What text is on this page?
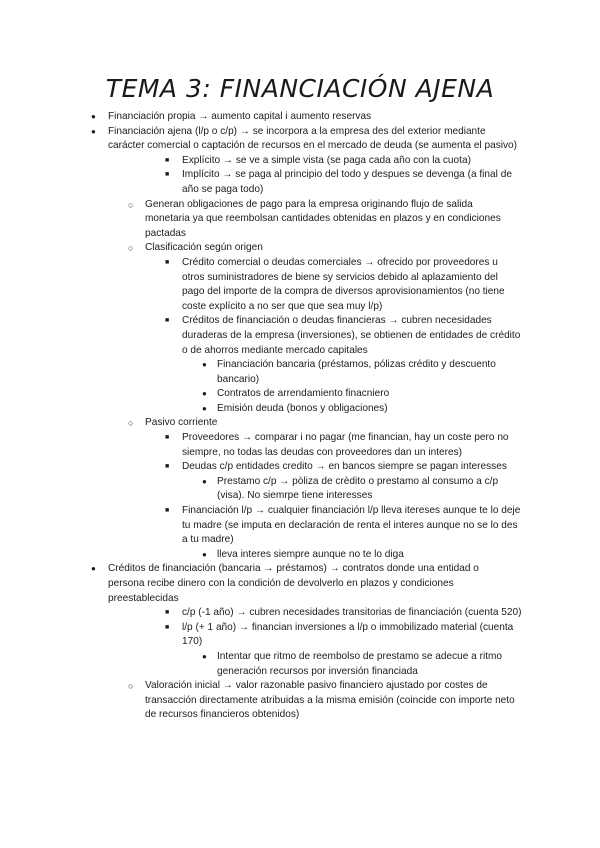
TEMA 3: FINANCIACIÓN AJENA
● Financiación propia → aumento capital i aumento reservas
● Financiación ajena (l/p o c/p) → se incorpora a la empresa des del exterior mediante carácter comercial o captación de recursos en el mercado de deuda (se aumenta el pasivo)
■ Explícito → se ve a simple vista (se paga cada año con la cuota)
■ Implícito → se paga al principio del todo y despues se devenga (a final de año se paga todo)
○ Generan obligaciones de pago para la empresa originando flujo de salida monetaria ya que reembolsan cantidades obtenidas en plazos y en condiciones pactadas
○ Clasificación según origen
■ Crédito comercial o deudas comerciales → ofrecido por proveedores u otros suministradores de biene sy servicios debido al aplazamiento del pago del importe de la compra de diversos aprovisionamientos (no tiene coste explícito a no ser que que sea muy l/p)
■ Créditos de financiación o deudas financieras → cubren necesidades duraderas de la empresa (inversiones), se obtienen de entidades de crédito o de ahorros mediante mercado capitales
● Financiación bancaria (préstamos, pólizas crédito y descuento bancario)
● Contratos de arrendamiento finacniero
● Emisión deuda (bonos y obligaciones)
○ Pasivo corriente
■ Proveedores → comparar i no pagar (me financian, hay un coste pero no siempre, no todas las deudas con proveedores dan un interes)
■ Deudas c/p entidades credito → en bancos siempre se pagan interesses
● Prestamo c/p → pòliza de crèdito o prestamo al consumo a c/p (visa). No siemrpe tiene interesses
■ Financiación l/p → cualquier financiación l/p lleva itereses aunque te lo deje tu madre (se imputa en declaración de renta el interes aunque no se lo des a tu madre)
● llevа interes siempre aunque no te lo diga
● Créditos de financiación (bancaria → préstamos) → contratos donde una entidad o persona recibe dinero con la condición de devolverlo en plazos y condiciones preestablecidas
■ c/p (-1 año) → cubren necesidades transitorias de financiación (cuenta 520)
■ l/p (+ 1 año) → financian inversiones a l/p o immobilizado material (cuenta 170)
● Intentar que ritmo de reembolso de prestamo se adecue a ritmo generación recursos por inversión financiada
○ Valoración inicial → valor razonable pasivo financiero ajustado por costes de transacción directamente atribuidas a la misma emisión (coincide con importe neto de recursos financieros obtenidos)
